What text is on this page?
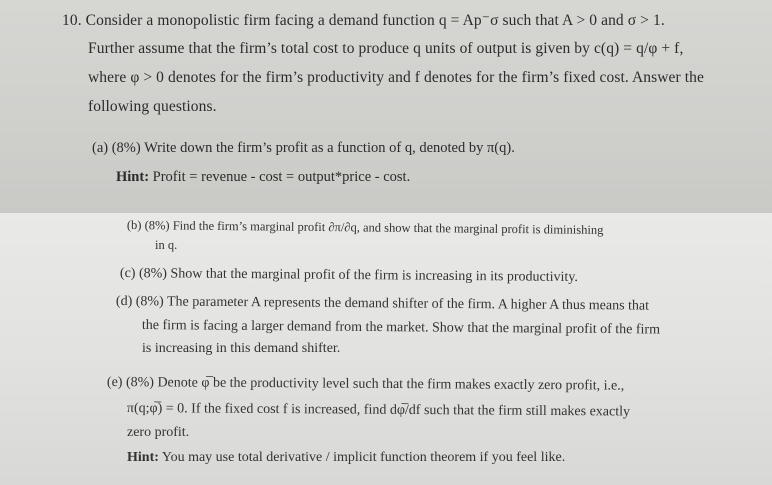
10. Consider a monopolistic firm facing a demand function q = Ap⁻σ such that A > 0 and σ > 1.
Further assume that the firm’s total cost to produce q units of output is given by c(q) = q/φ + f,
where φ > 0 denotes for the firm’s productivity and f denotes for the firm’s fixed cost. Answer the
following questions.
(a) (8%) Write down the firm’s profit as a function of q, denoted by π(q).
Hint: Profit = revenue - cost = output*price - cost.
(b) (8%) Find the firm’s marginal profit ∂π/∂q, and show that the marginal profit is diminishing
in q.
(c) (8%) Show that the marginal profit of the firm is increasing in its productivity.
(d) (8%) The parameter A represents the demand shifter of the firm. A higher A thus means that
the firm is facing a larger demand from the market. Show that the marginal profit of the firm
is increasing in this demand shifter.
(e) (8%) Denote φ̅ be the productivity level such that the firm makes exactly zero profit, i.e.,
π(q;φ̅) = 0. If the fixed cost f is increased, find dφ̅/df such that the firm still makes exactly
zero profit.
Hint: You may use total derivative / implicit function theorem if you feel like.
